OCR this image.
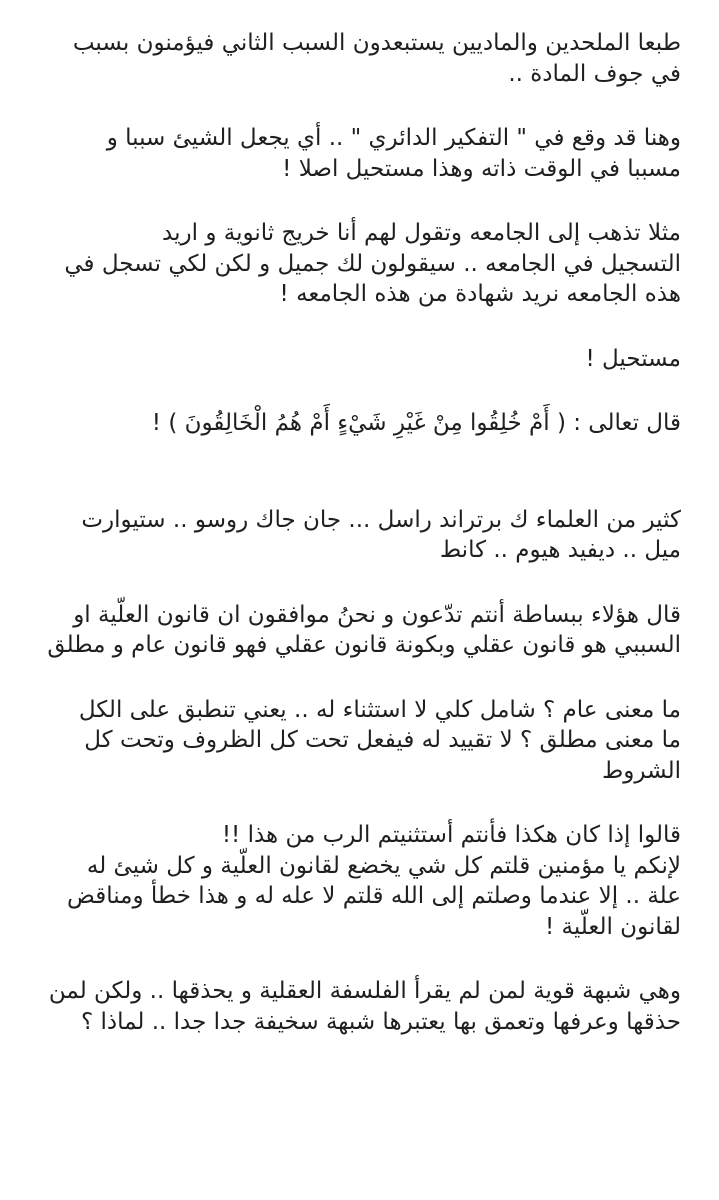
طبعا الملحدين والماديين يستبعدون السبب الثاني فيؤمنون بسبب
في جوف المادة ..

وهنا قد وقع في " التفكير الدائري " .. أي يجعل الشيئ سببا و
مسببا في الوقت ذاته وهذا مستحيل اصلا !

مثلا تذهب إلى الجامعه وتقول لهم أنا خريج ثانوية و اريد
التسجيل في الجامعه .. سيقولون لك جميل و لكن لكي تسجل في
هذه الجامعه نريد شهادة من هذه الجامعه !

مستحيل !

قال تعالى : ( أَمْ خُلِقُوا مِنْ غَيْرِ شَيْءٍ أَمْ هُمُ الْخَالِقُونَ ) !

كثير من العلماء ك برتراند راسل ... جان جاك روسو .. ستيوارت
ميل .. ديفيد هيوم .. كانط

قال هؤلاء ببساطة أنتم تدّعون و نحنُ موافقون ان قانون العلّية او
السببي هو قانون عقلي وبكونة قانون عقلي فهو قانون عام و مطلق

ما معنى عام ؟ شامل كلي لا استثناء له .. يعني تنطبق على الكل
ما معنى مطلق ؟ لا تقييد له فيفعل تحت كل الظروف وتحت كل
الشروط

قالوا إذا كان هكذا فأنتم أستثنيتم الرب من هذا !!
لإنكم يا مؤمنين قلتم كل شي يخضع لقانون العلّية و كل شيئ له
علة .. إلا عندما وصلتم إلى الله قلتم لا عله له و هذا خطأ ومناقض
لقانون العلّية !

وهي شبهة قوية لمن لم يقرأ الفلسفة العقلية و يحذقها .. ولكن لمن
حذقها وعرفها وتعمق بها يعتبرها شبهة سخيفة جدا جدا .. لماذا ؟
